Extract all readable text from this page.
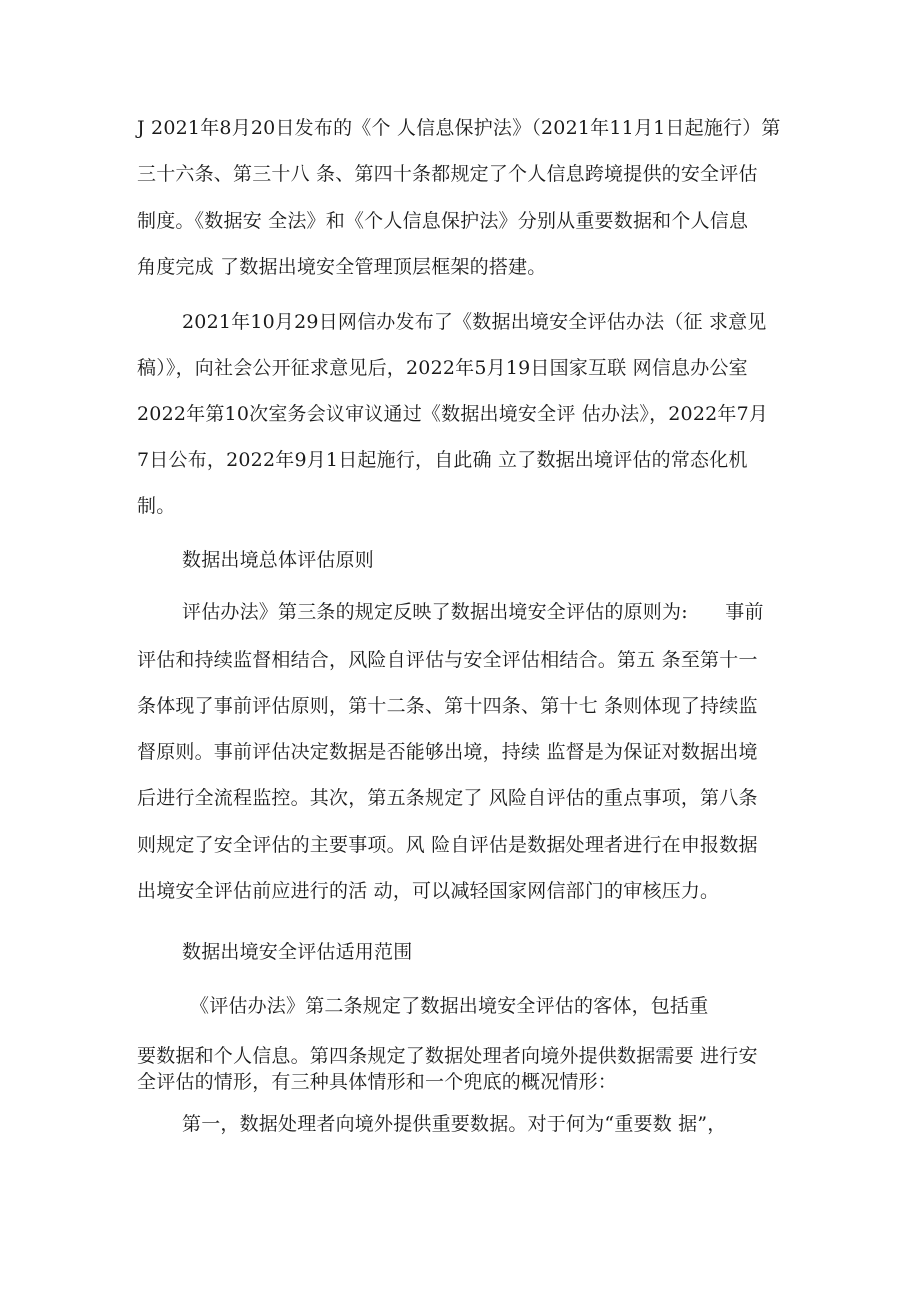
J 2021年8月20日发布的《个 人信息保护法》（2021年11月1日起施行）第
三十六条、第三十八 条、第四十条都规定了个人信息跨境提供的安全评估
制度。《数据安 全法》和《个人信息保护法》分别从重要数据和个人信息
角度完成 了数据出境安全管理顶层框架的搭建。
2021年10月29日网信办发布了《数据出境安全评估办法（征 求意见
稿）》，向社会公开征求意见后，2022年5月19日国家互联 网信息办公室
2022年第10次室务会议审议通过《数据出境安全评 估办法》，2022年7月
7日公布，2022年9月1日起施行，自此确 立了数据出境评估的常态化机
制。
数据出境总体评估原则
评估办法》第三条的规定反映了数据出境安全评估的原则为:      事前
评估和持续监督相结合，风险自评估与安全评估相结合。第五 条至第十一
条体现了事前评估原则，第十二条、第十四条、第十七 条则体现了持续监
督原则。事前评估决定数据是否能够出境，持续 监督是为保证对数据出境
后进行全流程监控。其次，第五条规定了 风险自评估的重点事项，第八条
则规定了安全评估的主要事项。风 险自评估是数据处理者进行在申报数据
出境安全评估前应进行的活 动，可以减轻国家网信部门的审核压力。
数据出境安全评估适用范围
《评估办法》第二条规定了数据出境安全评估的客体，包括重
要数据和个人信息。第四条规定了数据处理者向境外提供数据需要 进行安
全评估的情形，有三种具体情形和一个兜底的概况情形：
第一，数据处理者向境外提供重要数据。对于何为“重要数 据”，
